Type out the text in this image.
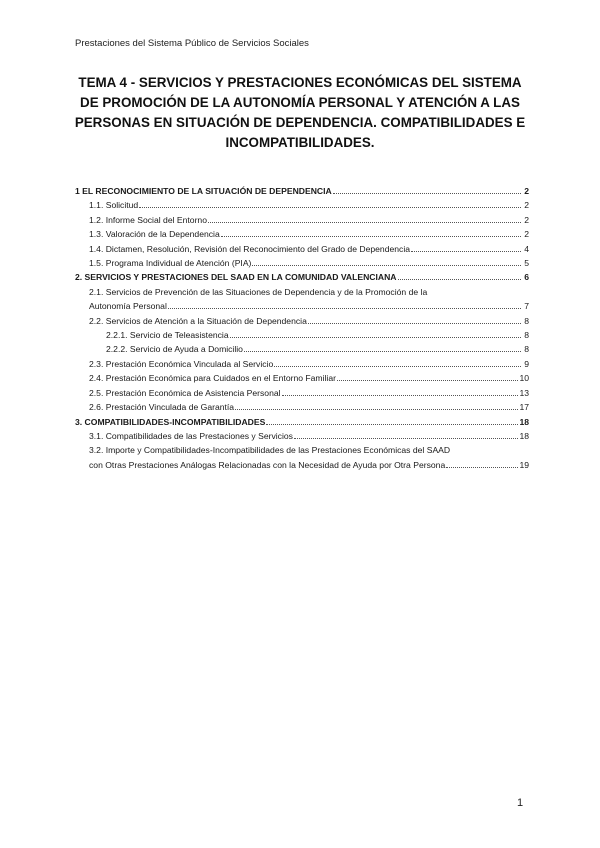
Prestaciones del Sistema Público de Servicios Sociales
TEMA 4 - SERVICIOS Y PRESTACIONES ECONÓMICAS DEL SISTEMA
DE PROMOCIÓN DE LA AUTONOMÍA PERSONAL Y ATENCIÓN A LAS
PERSONAS EN SITUACIÓN DE DEPENDENCIA. COMPATIBILIDADES E
INCOMPATIBILIDADES.
1 EL RECONOCIMIENTO DE LA SITUACIÓN DE DEPENDENCIA	2
1.1. Solicitud	2
1.2. Informe Social del Entorno	2
1.3. Valoración de la Dependencia	2
1.4. Dictamen, Resolución, Revisión del Reconocimiento del Grado de Dependencia	4
1.5. Programa Individual de Atención (PIA)	5
2. SERVICIOS Y PRESTACIONES DEL SAAD EN LA COMUNIDAD VALENCIANA	6
2.1. Servicios de Prevención de las Situaciones de Dependencia y de la Promoción de la
Autonomía Personal	7
2.2. Servicios de Atención a la Situación de Dependencia	8
2.2.1. Servicio de Teleasistencia	8
2.2.2. Servicio de Ayuda a Domicilio	8
2.3. Prestación Económica Vinculada al Servicio	9
2.4. Prestación Económica para Cuidados en el Entorno Familiar	10
2.5. Prestación Económica de Asistencia Personal	13
2.6. Prestación Vinculada de Garantía	17
3. COMPATIBILIDADES-INCOMPATIBILIDADES	18
3.1. Compatibilidades de las Prestaciones y Servicios	18
3.2. Importe y Compatibilidades-Incompatibilidades de las Prestaciones Económicas del SAAD
con Otras Prestaciones Análogas Relacionadas con la Necesidad de Ayuda por Otra Persona	19
1
